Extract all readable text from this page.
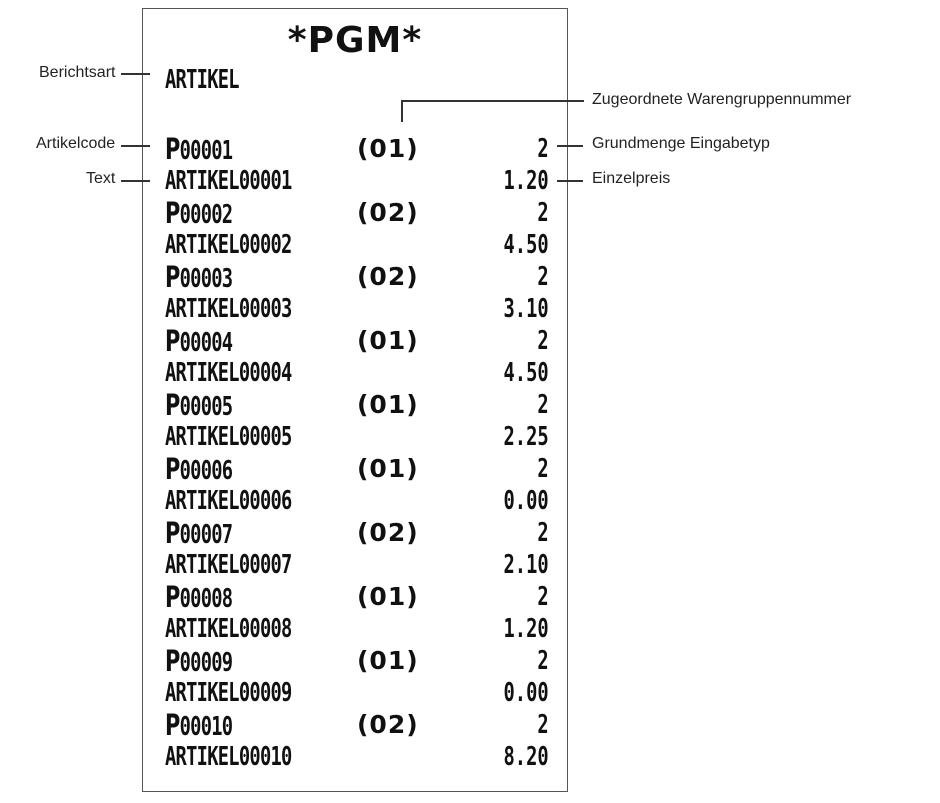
*PGM*
ARTIKEL
P00001	(01)	2
ARTIKEL00001	1.20
P00002	(02)	2
ARTIKEL00002	4.50
P00003	(02)	2
ARTIKEL00003	3.10
P00004	(01)	2
ARTIKEL00004	4.50
P00005	(01)	2
ARTIKEL00005	2.25
P00006	(01)	2
ARTIKEL00006	0.00
P00007	(02)	2
ARTIKEL00007	2.10
P00008	(01)	2
ARTIKEL00008	1.20
P00009	(01)	2
ARTIKEL00009	0.00
P00010	(02)	2
ARTIKEL00010	8.20
Berichtsart
Artikelcode
Text
Zugeordnete Warengruppennummer
Grundmenge Eingabetyp
Einzelpreis
